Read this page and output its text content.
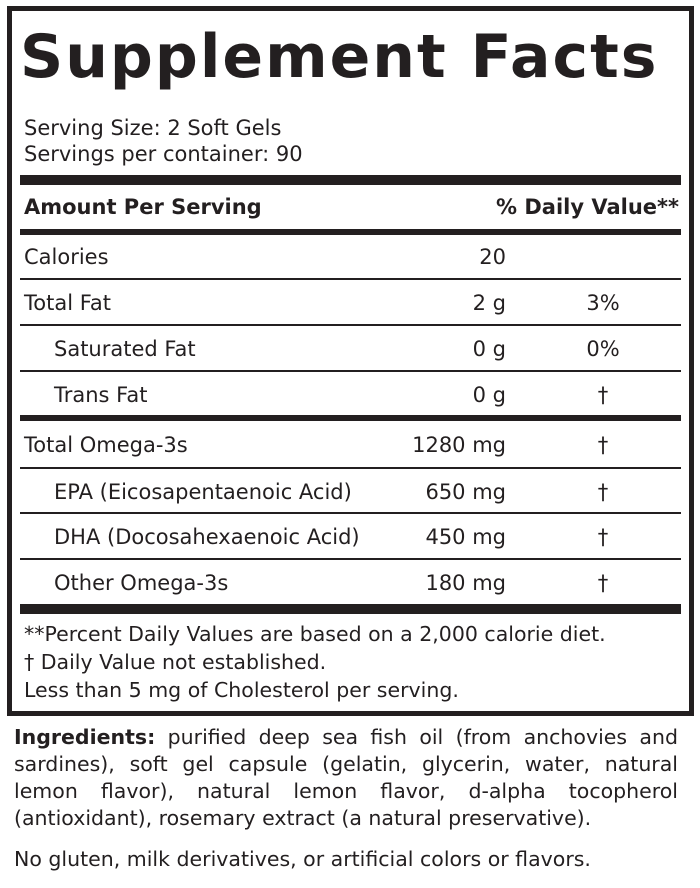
Supplement Facts
Serving Size: 2 Soft Gels
Servings per container: 90
Amount Per Serving	% Daily Value**
Calories	20
Total Fat	2 g	3%
Saturated Fat	0 g	0%
Trans Fat	0 g	†
Total Omega-3s	1280 mg	†
EPA (Eicosapentaenoic Acid)	650 mg	†
DHA (Docosahexaenoic Acid)	450 mg	†
Other Omega-3s	180 mg	†
**Percent Daily Values are based on a 2,000 calorie diet.
† Daily Value not established.
Less than 5 mg of Cholesterol per serving.

Ingredients: purified deep sea fish oil (from anchovies and sardines), soft gel capsule (gelatin, glycerin, water, natural lemon flavor), natural lemon flavor, d-alpha tocopherol (antioxidant), rosemary extract (a natural preservative).

No gluten, milk derivatives, or artificial colors or flavors.
